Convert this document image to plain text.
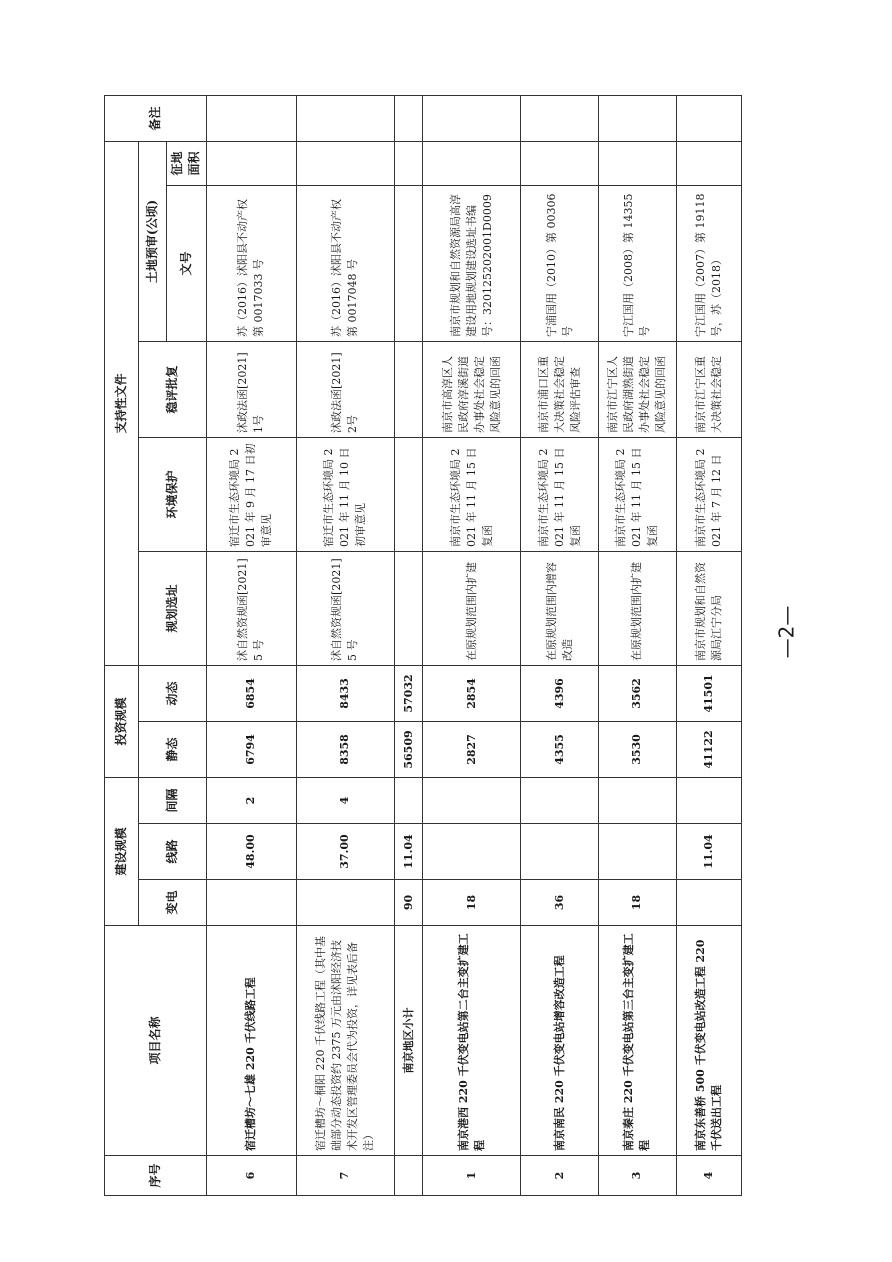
序号	项目名称	建设规模			投资规模		支持性文件					备注
		变电	线路	间隔	静态	动态	规划选址	环境保护	稳评批复	土地预审(公顷)		
										文号	征地面积	
6	宿迁槽坊～七雄 220 千伏线路工程		48.00	2	6794	6854	沭自然资规函[2021]5 号	宿迁市生态环境局 2021 年 9 月 17 日初审意见	沭政法函[2021]1号	苏（2016）沭阳县不动产权第 0017033 号		
7	宿迁槽坊～桐阳 220 千伏线路工程（其中基础部分动态投资约 2375 万元由沭阳经济技术开发区管理委员会代为投资，详见表后备注）		37.00	4	8358	8433	沭自然资规函[2021]5 号	宿迁市生态环境局 2021 年 11 月 10 日初审意见	沭政法函[2021]2号	苏（2016）沭阳县不动产权第 0017048 号		
	南京地区小计	90	11.04		56509	57032						
1	南京港西 220 千伏变电站第二台主变扩建工程	18			2827	2854	在原规划范围内扩建	南京市生态环境局 2021 年 11 月 15 日复函	南京市高淳区人民政府淳溪街道办事处社会稳定风险意见的回函	南京市规划和自然资源局高淳建设用地规划建设选址书编号：320125202001D0009		
2	南京南民 220 千伏变电站增容改造工程	36			4355	4396	在原规划范围内增容改造	南京市生态环境局 2021 年 11 月 15 日复函	南京市浦口区重大决策社会稳定风险评估审查	宁浦国用（2010）第 00306 号		
3	南京秦庄 220 千伏变电站第三台主变扩建工程	18			3530	3562	在原规划范围内扩建	南京市生态环境局 2021 年 11 月 15 日复函	南京市江宁区人民政府湖熟街道办事处社会稳定风险意见的回函	宁江国用（2008）第 14355 号		
4	南京东善桥 500 千伏变电站改造工程 220 千伏送出工程		11.04		41122	41501	南京市规划和自然资源局江宁分局	南京市生态环境局 2021 年 7 月 12 日	南京市江宁区重大决策社会稳定	宁江国用（2007）第 19118 号，苏（2018）		
—2—
